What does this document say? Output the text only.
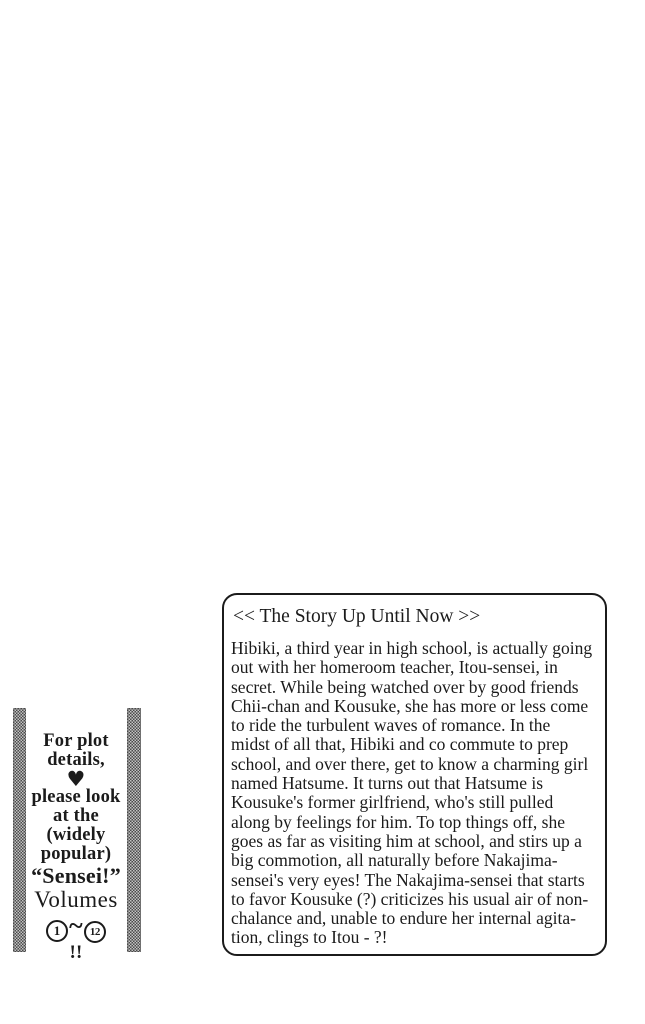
For plot
details,
♥
please look
at the
(widely
popular)
“Sensei!”
Volumes
1 ~ 12
!!
<< The Story Up Until Now >>
Hibiki, a third year in high school, is actually going
out with her homeroom teacher, Itou-sensei, in
secret. While being watched over by good friends
Chii-chan and Kousuke, she has more or less come
to ride the turbulent waves of romance. In the
midst of all that, Hibiki and co commute to prep
school, and over there, get to know a charming girl
named Hatsume. It turns out that Hatsume is
Kousuke's former girlfriend, who's still pulled
along by feelings for him. To top things off, she
goes as far as visiting him at school, and stirs up a
big commotion, all naturally before Nakajima-
sensei's very eyes! The Nakajima-sensei that starts
to favor Kousuke (?) criticizes his usual air of non-
chalance and, unable to endure her internal agita-
tion, clings to Itou - ?!
